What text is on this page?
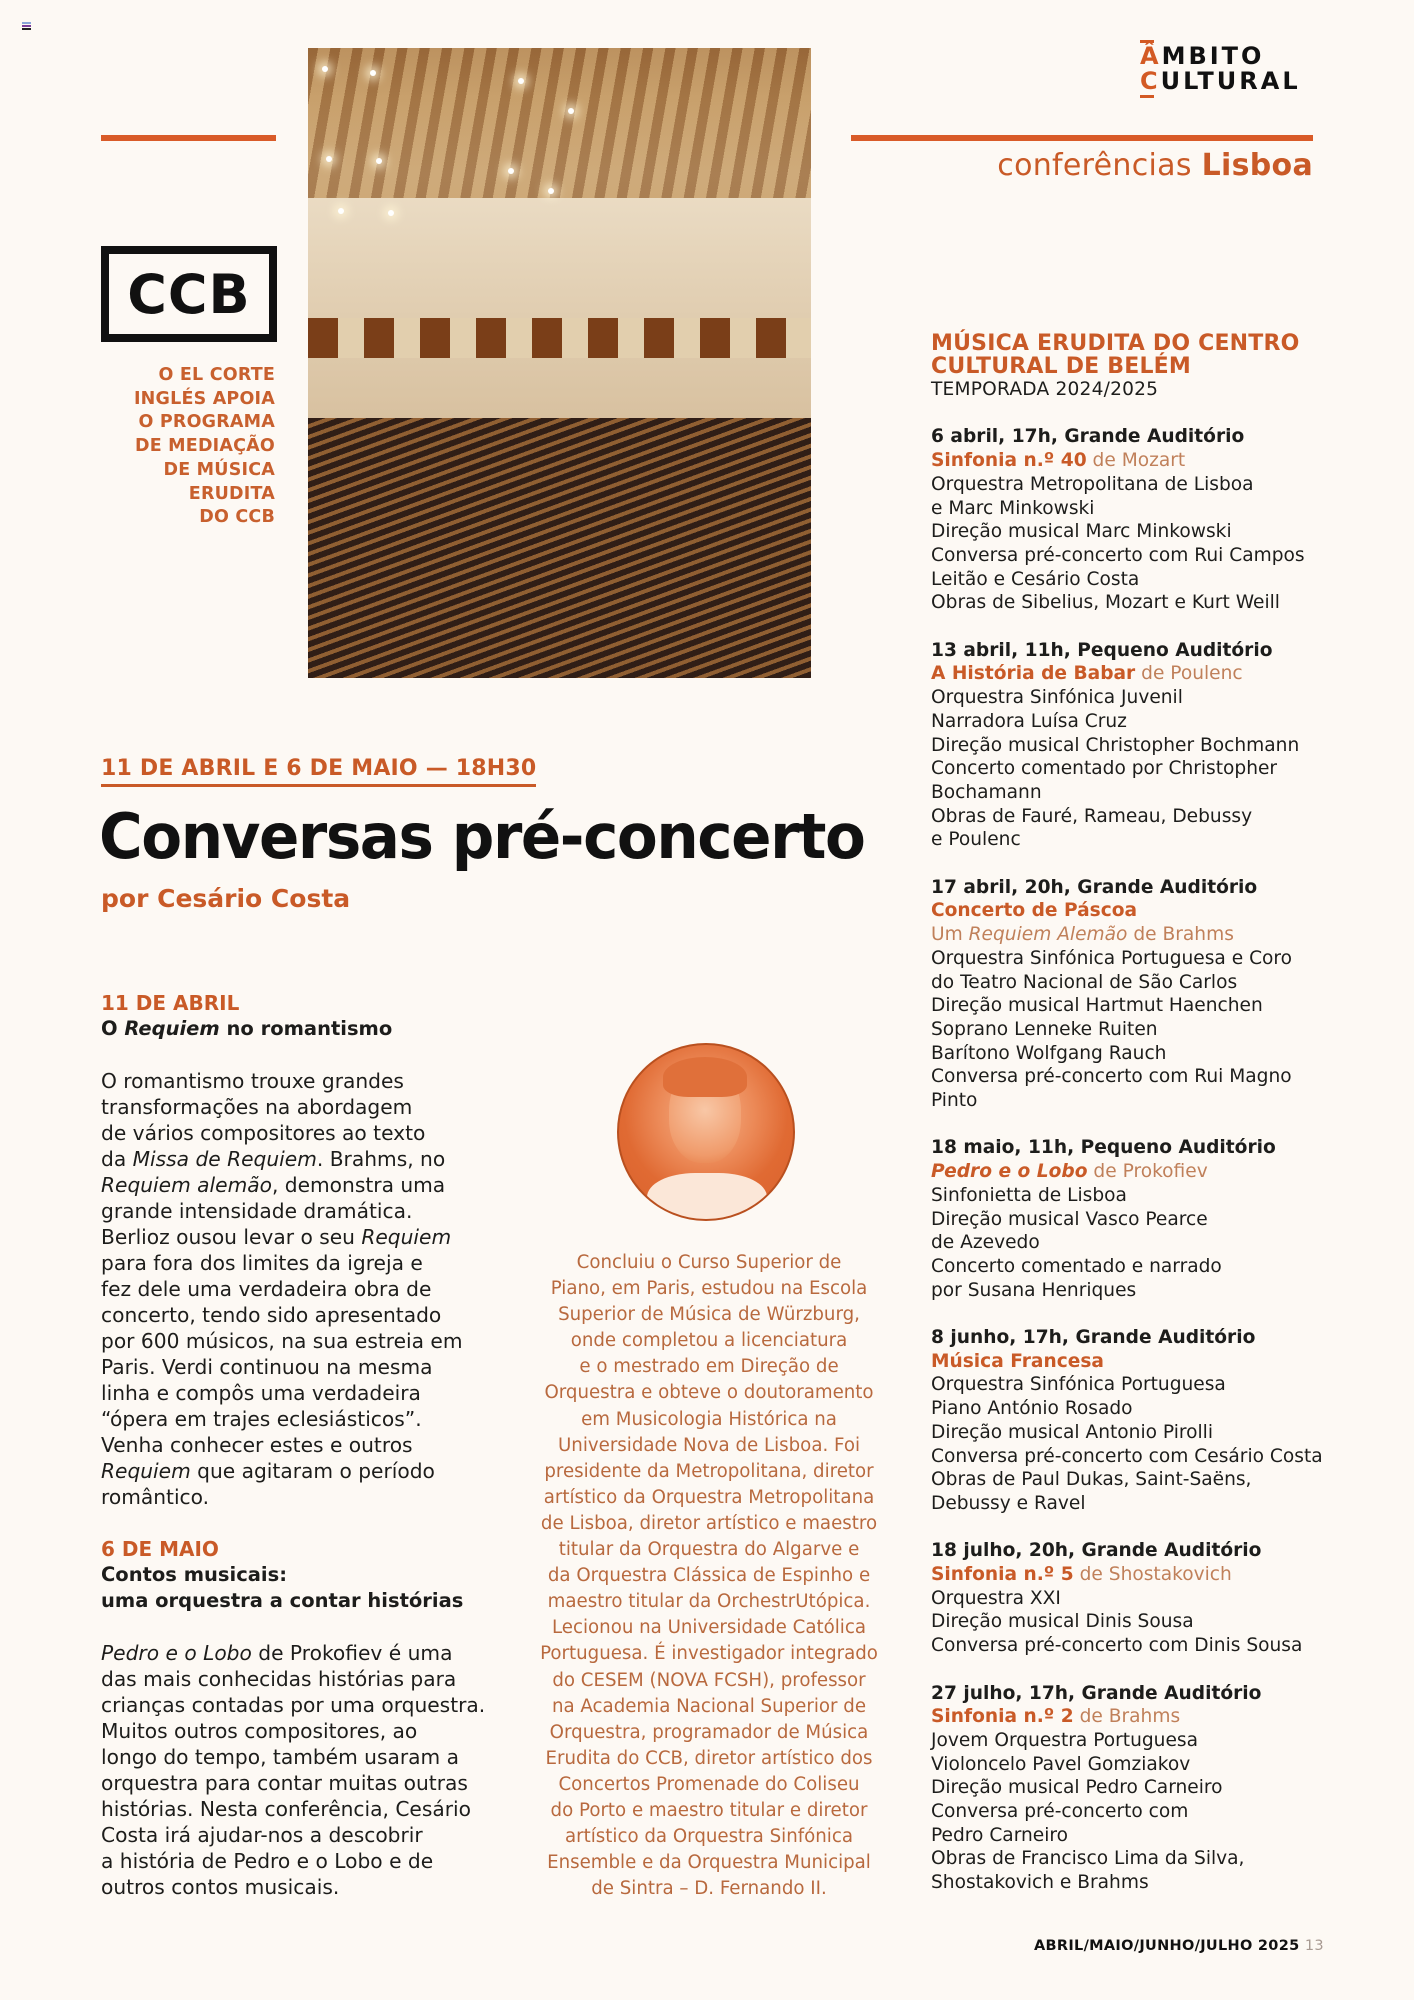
ÂMBITO
CULTURAL
conferências Lisboa
CCB
O EL CORTE
INGLÉS APOIA
O PROGRAMA
DE MEDIAÇÃO
DE MÚSICA
ERUDITA
DO CCB
11 DE ABRIL E 6 DE MAIO — 18H30
Conversas pré-concerto
por Cesário Costa
11 DE ABRIL
O Requiem no romantismo

O romantismo trouxe grandes
transformações na abordagem
de vários compositores ao texto
da Missa de Requiem. Brahms, no
Requiem alemão, demonstra uma
grande intensidade dramática.
Berlioz ousou levar o seu Requiem
para fora dos limites da igreja e
fez dele uma verdadeira obra de
concerto, tendo sido apresentado
por 600 músicos, na sua estreia em
Paris. Verdi continuou na mesma
linha e compôs uma verdadeira
“ópera em trajes eclesiásticos”.
Venha conhecer estes e outros
Requiem que agitaram o período
romântico.

6 DE MAIO
Contos musicais:
uma orquestra a contar histórias

Pedro e o Lobo de Prokofiev é uma
das mais conhecidas histórias para
crianças contadas por uma orquestra.
Muitos outros compositores, ao
longo do tempo, também usaram a
orquestra para contar muitas outras
histórias. Nesta conferência, Cesário
Costa irá ajudar-nos a descobrir
a história de Pedro e o Lobo e de
outros contos musicais.

Concluiu o Curso Superior de
Piano, em Paris, estudou na Escola
Superior de Música de Würzburg,
onde completou a licenciatura
e o mestrado em Direção de
Orquestra e obteve o doutoramento
em Musicologia Histórica na
Universidade Nova de Lisboa. Foi
presidente da Metropolitana, diretor
artístico da Orquestra Metropolitana
de Lisboa, diretor artístico e maestro
titular da Orquestra do Algarve e
da Orquestra Clássica de Espinho e
maestro titular da OrchestrUtópica.
Lecionou na Universidade Católica
Portuguesa. É investigador integrado
do CESEM (NOVA FCSH), professor
na Academia Nacional Superior de
Orquestra, programador de Música
Erudita do CCB, diretor artístico dos
Concertos Promenade do Coliseu
do Porto e maestro titular e diretor
artístico da Orquestra Sinfónica
Ensemble e da Orquestra Municipal
de Sintra – D. Fernando II.
MÚSICA ERUDITA DO CENTRO
CULTURAL DE BELÉM
TEMPORADA 2024/2025
6 abril, 17h, Grande Auditório
Sinfonia n.º 40 de Mozart
Orquestra Metropolitana de Lisboa
e Marc Minkowski
Direção musical Marc Minkowski
Conversa pré-concerto com Rui Campos
Leitão e Cesário Costa
Obras de Sibelius, Mozart e Kurt Weill
13 abril, 11h, Pequeno Auditório
A História de Babar de Poulenc
Orquestra Sinfónica Juvenil
Narradora Luísa Cruz
Direção musical Christopher Bochmann
Concerto comentado por Christopher
Bochamann
Obras de Fauré, Rameau, Debussy
e Poulenc
17 abril, 20h, Grande Auditório
Concerto de Páscoa
Um Requiem Alemão de Brahms
Orquestra Sinfónica Portuguesa e Coro
do Teatro Nacional de São Carlos
Direção musical Hartmut Haenchen
Soprano Lenneke Ruiten
Barítono Wolfgang Rauch
Conversa pré-concerto com Rui Magno
Pinto
18 maio, 11h, Pequeno Auditório
Pedro e o Lobo de Prokofiev
Sinfonietta de Lisboa
Direção musical Vasco Pearce
de Azevedo
Concerto comentado e narrado
por Susana Henriques
8 junho, 17h, Grande Auditório
Música Francesa
Orquestra Sinfónica Portuguesa
Piano António Rosado
Direção musical Antonio Pirolli
Conversa pré-concerto com Cesário Costa
Obras de Paul Dukas, Saint-Saëns,
Debussy e Ravel
18 julho, 20h, Grande Auditório
Sinfonia n.º 5 de Shostakovich
Orquestra XXI
Direção musical Dinis Sousa
Conversa pré-concerto com Dinis Sousa
27 julho, 17h, Grande Auditório
Sinfonia n.º 2 de Brahms
Jovem Orquestra Portuguesa
Violoncelo Pavel Gomziakov
Direção musical Pedro Carneiro
Conversa pré-concerto com
Pedro Carneiro
Obras de Francisco Lima da Silva,
Shostakovich e Brahms
ABRIL/MAIO/JUNHO/JULHO 2025 13
